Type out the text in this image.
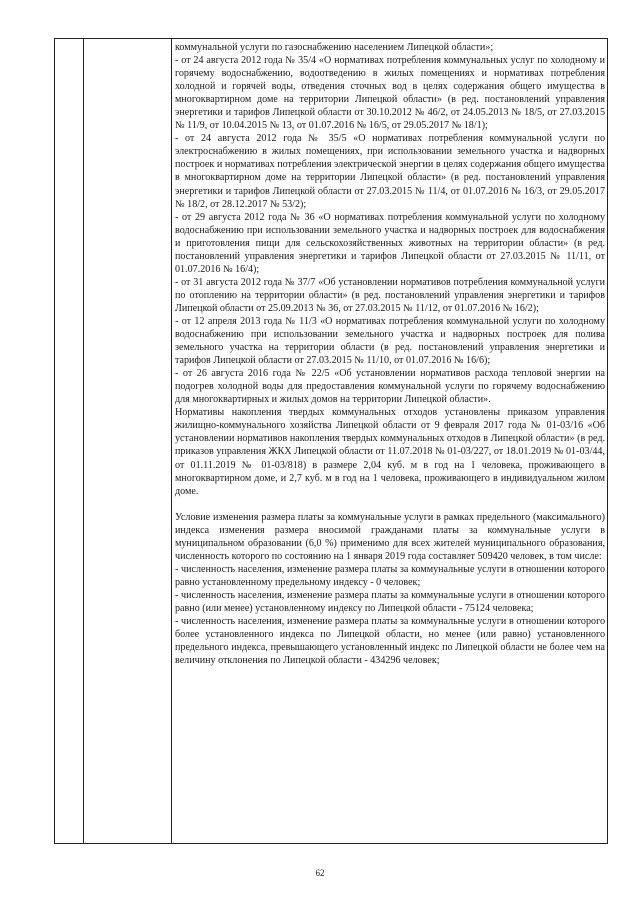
коммунальной услуги по газоснабжению населением Липецкой области»;

- от 24 августа 2012 года № 35/4 «О нормативах потребления коммунальных услуг по холодному и горячему водоснабжению, водоотведению в жилых помещениях и нормативах потребления холодной и горячей воды, отведения сточных вод в целях содержания общего имущества в многоквартирном доме на территории Липецкой области» (в ред. постановлений управления энергетики и тарифов Липецкой области от 30.10.2012 № 46/2, от 24.05.2013 № 18/5, от 27.03.2015 № 11/9, от 10.04.2015 № 13, от 01.07.2016 № 16/5, от 29.05.2017 № 18/1);

- от 24 августа 2012 года № 35/5 «О нормативах потребления коммунальной услуги по электроснабжению в жилых помещениях, при использовании земельного участка и надворных построек и нормативах потребления электрической энергии в целях содержания общего имущества в многоквартирном доме на территории Липецкой области» (в ред. постановлений управления энергетики и тарифов Липецкой области от 27.03.2015 № 11/4, от 01.07.2016 № 16/3, от 29.05.2017 № 18/2, от 28.12.2017 № 53/2);

- от 29 августа 2012 года № 36 «О нормативах потребления коммунальной услуги по холодному водоснабжению при использовании земельного участка и надворных построек для водоснабжения и приготовления пищи для сельскохозяйственных животных на территории области» (в ред. постановлений управления энергетики и тарифов Липецкой области от 27.03.2015 № 11/11, от 01.07.2016 № 16/4);

- от 31 августа 2012 года № 37/7 «Об установлении нормативов потребления коммунальной услуги по отоплению на территории области» (в ред. постановлений управления энергетики и тарифов Липецкой области от 25.09.2013 № 36, от 27.03.2015 № 11/12, от 01.07.2016 № 16/2);

- от 12 апреля 2013 года № 11/3 «О нормативах потребления коммунальной услуги по холодному водоснабжению при использовании земельного участка и надворных построек для полива земельного участка на территории области (в ред. постановлений управления энергетики и тарифов Липецкой области от 27.03.2015 № 11/10, от 01.07.2016 № 16/6);

- от 26 августа 2016 года № 22/5 «Об установлении нормативов расхода тепловой энергии на подогрев холодной воды для предоставления коммунальной услуги по горячему водоснабжению для многоквартирных и жилых домов на территории Липецкой области».

Нормативы накопления твердых коммунальных отходов установлены приказом управления жилищно-коммунального хозяйства Липецкой области от 9 февраля 2017 года № 01-03/16 «Об установлении нормативов накопления твердых коммунальных отходов в Липецкой области» (в ред. приказов управления ЖКХ Липецкой области от 11.07.2018 № 01-03/227, от 18.01.2019 № 01-03/44, от 01.11.2019 № 01-03/818) в размере 2,04 куб. м в год на 1 человека, проживающего в многоквартирном доме, и 2,7 куб. м в год на 1 человека, проживающего в индивидуальном жилом доме.

Условие изменения размера платы за коммунальные услуги в рамках предельного (максимального) индекса изменения размера вносимой гражданами платы за коммунальные услуги в муниципальном образовании (6,0 %) применимо для всех жителей муниципального образования, численность которого по состоянию на 1 января 2019 года составляет 509420 человек, в том числе:

- численность населения, изменение размера платы за коммунальные услуги в отношении которого равно установленному предельному индексу - 0 человек;

- численность населения, изменение размера платы за коммунальные услуги в отношении которого равно (или менее) установленному индексу по Липецкой области - 75124 человека;

- численность населения, изменение размера платы за коммунальные услуги в отношении которого более установленного индекса по Липецкой области, но менее (или равно) установленного предельного индекса, превышающего установленный индекс по Липецкой области не более чем на величину отклонения по Липецкой области - 434296 человек;

62
